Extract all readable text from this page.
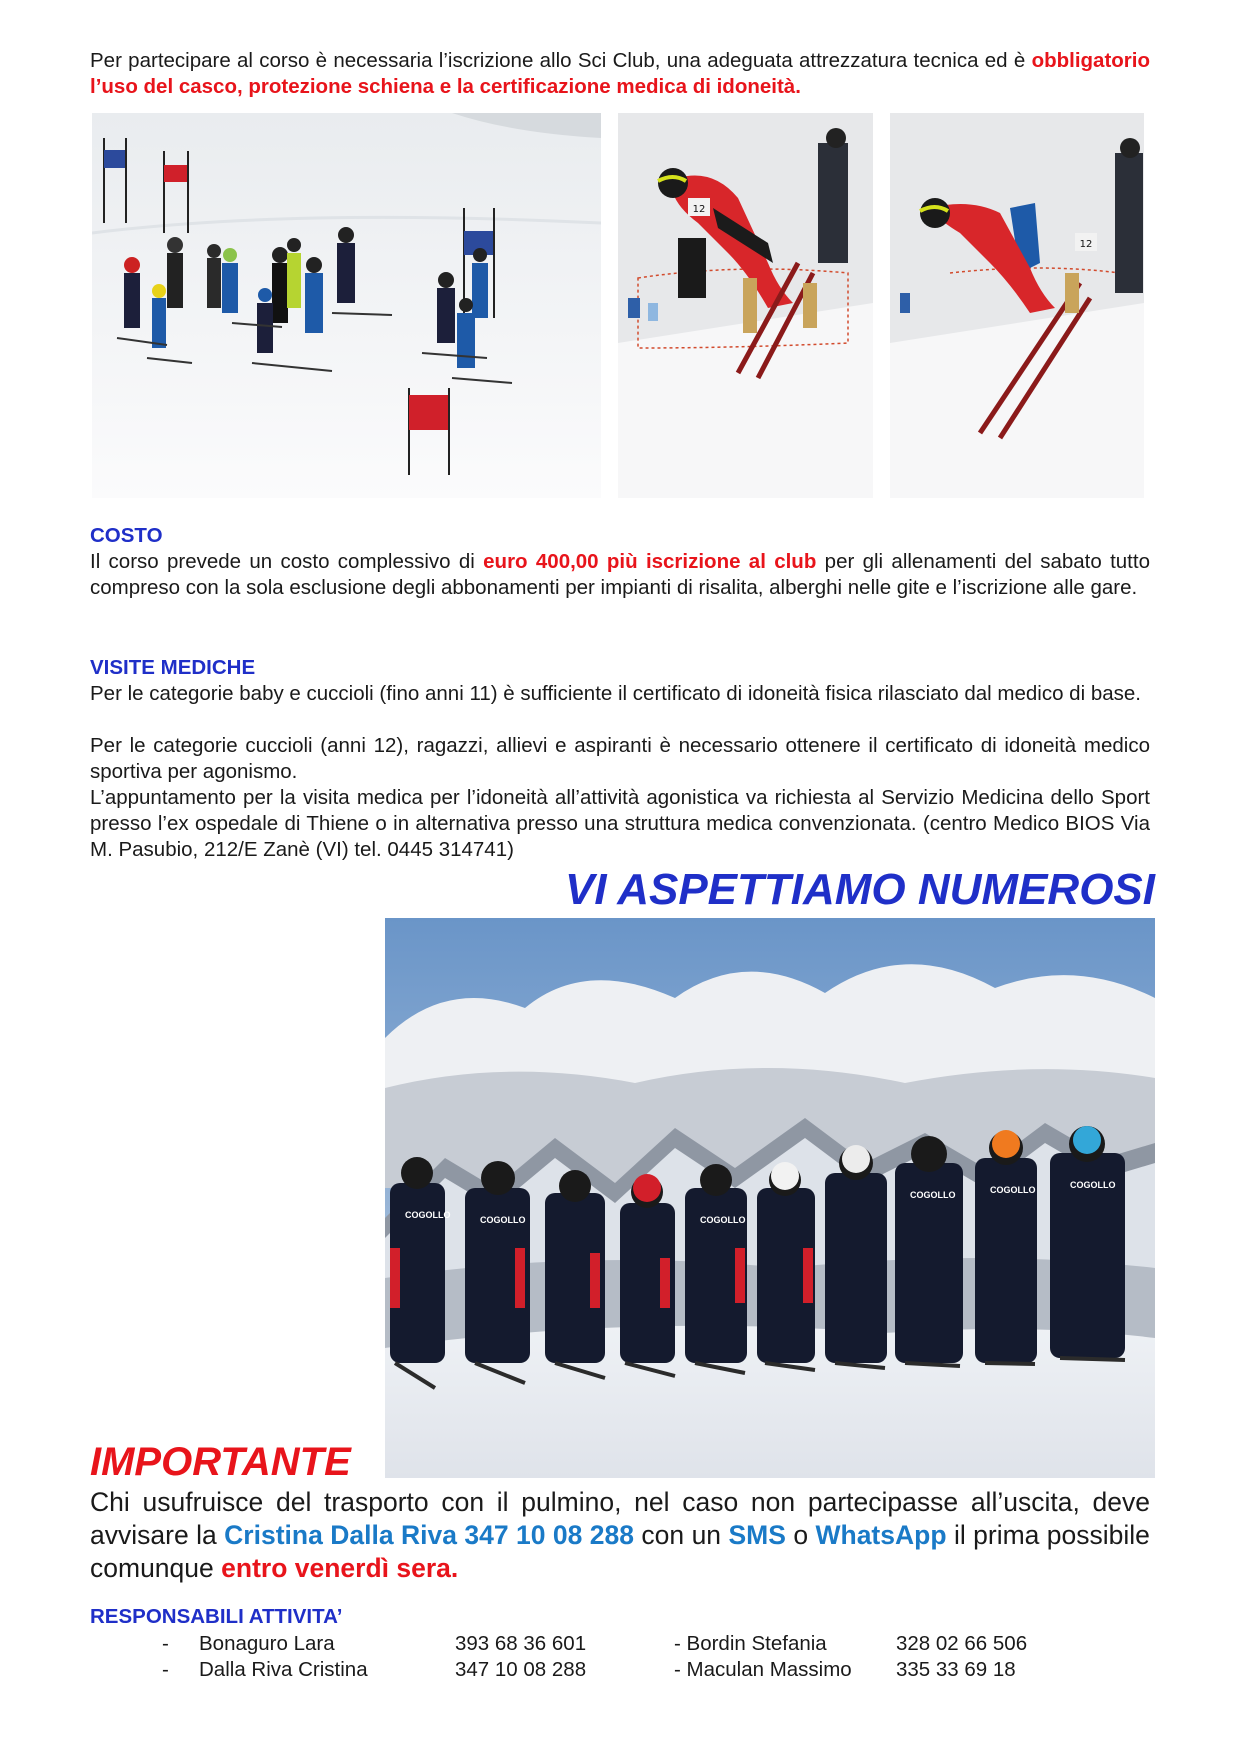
Per partecipare al corso è necessaria l’iscrizione allo Sci Club, una adeguata attrezzatura tecnica ed è obbligatorio l’uso del casco, protezione schiena e la certificazione medica di idoneità.
12
12
COSTO
Il corso prevede un costo complessivo di euro 400,00 più iscrizione al club per gli allenamenti del sabato tutto compreso con la sola esclusione degli abbonamenti per impianti di risalita, alberghi nelle gite e l’iscrizione alle gare.
VISITE MEDICHE
Per le categorie baby e cuccioli (fino anni 11) è sufficiente il certificato di idoneità fisica rilasciato dal medico di base.
Per le categorie cuccioli (anni 12), ragazzi, allievi e aspiranti è necessario ottenere il certificato di idoneità medico sportiva per agonismo.
L’appuntamento per la visita medica per l’idoneità all’attività agonistica va richiesta al Servizio Medicina dello Sport presso l’ex ospedale di Thiene o in alternativa presso una struttura medica convenzionata. (centro Medico BIOS Via M. Pasubio, 212/E Zanè (VI) tel. 0445 314741)
VI ASPETTIAMO NUMEROSI
COGOLLO	COGOLLO	COGOLLO
COGOLLO	COGOLLO	COGOLLO
IMPORTANTE
Chi usufruisce del trasporto con il pulmino, nel caso non partecipasse all’uscita, deve avvisare la Cristina Dalla Riva 347 10 08 288 con un SMS o WhatsApp il prima possibile comunque entro venerdì sera.
RESPONSABILI ATTIVITA’
- Bonaguro Lara	393 68 36 601	- Bordin Stefania	328 02 66 506
- Dalla Riva Cristina	347 10 08 288	- Maculan Massimo 335 33 69 18
